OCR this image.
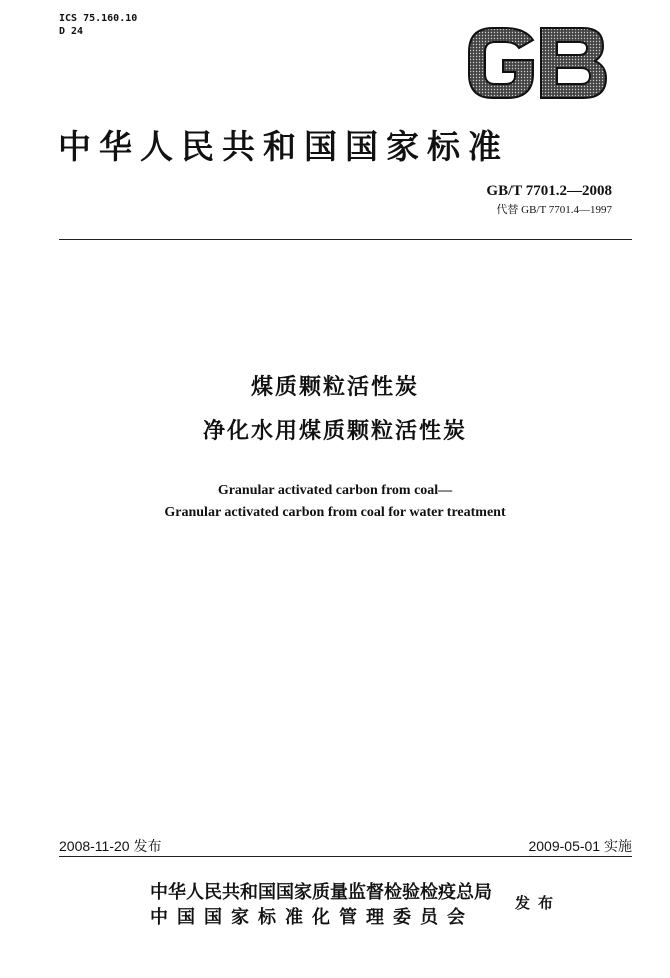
ICS 75.160.10
D 24
中华人民共和国国家标准
GB/T 7701.2—2008
代替 GB/T 7701.4—1997
煤质颗粒活性炭
净化水用煤质颗粒活性炭
Granular activated carbon from coal—
Granular activated carbon from coal for water treatment
2008-11-20 发布	2009-05-01 实施
中华人民共和国国家质量监督检验检疫总局
中国国家标准化管理委员会
发布
